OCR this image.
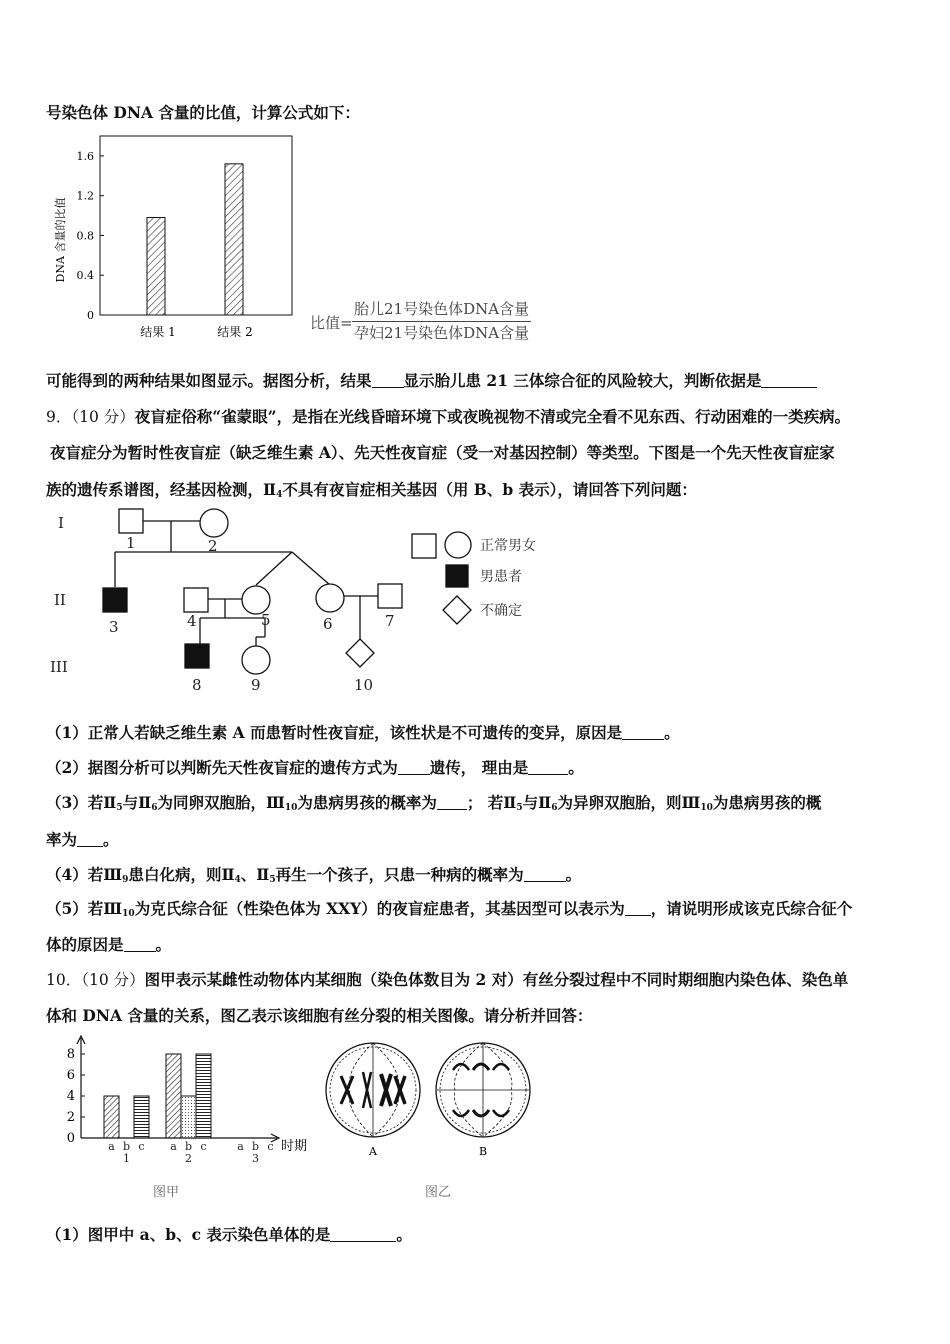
号染色体 DNA 含量的比值，计算公式如下：
0
0.4
0.8
1.2
1.6
DNA 含量的比值
结果 1	结果 2	比值=
胎儿21号染色体DNA含量
孕妇21号染色体DNA含量
可能得到的两种结果如图显示。据图分析，结果 显示胎儿患 21 三体综合征的风险较大，判断依据是
9．（10 分）夜盲症俗称“雀蒙眼”，是指在光线昏暗环境下或夜晚视物不清或完全看不见东西、行动困难的一类疾病。
夜盲症分为暂时性夜盲症（缺乏维生素 A）、先天性夜盲症（受一对基因控制）等类型。下图是一个先天性夜盲症家
族的遗传系谱图，经基因检测，$Ⅱ_4$不具有夜盲症相关基因（用 B、b 表示），请回答下列问题：
I
II
III
1	2
3	4	5	6	7
8	9	10
正常男女
男患者
不确定
（1）正常人若缺乏维生素 A 而患暂时性夜盲症，该性状是不可遗传的变异，原因是	。
（2）据图分析可以判断先天性夜盲症的遗传方式为 遗传， 理由是	。
（3）若$Ⅱ_5$与$Ⅱ_6$为同卵双胞胎，$Ⅲ_{10}$为患病男孩的概率为 ； 若$Ⅱ_5$与$Ⅱ_6$为异卵双胞胎，则$Ⅲ_{10}$为患病男孩的概
率为 。
（4）若$Ⅲ_9$患白化病，则$Ⅱ_4$、$Ⅱ_5$再生一个孩子，只患一种病的概率为	。
（5）若$Ⅲ_{10}$为克氏综合征（性染色体为 XXY）的夜盲症患者，其基因型可以表示为 ，请说明形成该克氏综合征个
体的原因是 。
10．（10 分）图甲表示某雌性动物体内某细胞（染色体数目为 2 对）有丝分裂过程中不同时期细胞内染色体、染色单
体和 DNA 含量的关系，图乙表示该细胞有丝分裂的相关图像。请分析并回答：
0
2
4
6
8
a b c
1
a b c
2
a b c
3
时期
图甲
A	B
图乙
（1）图甲中 a、b、c 表示染色单体的是	。
